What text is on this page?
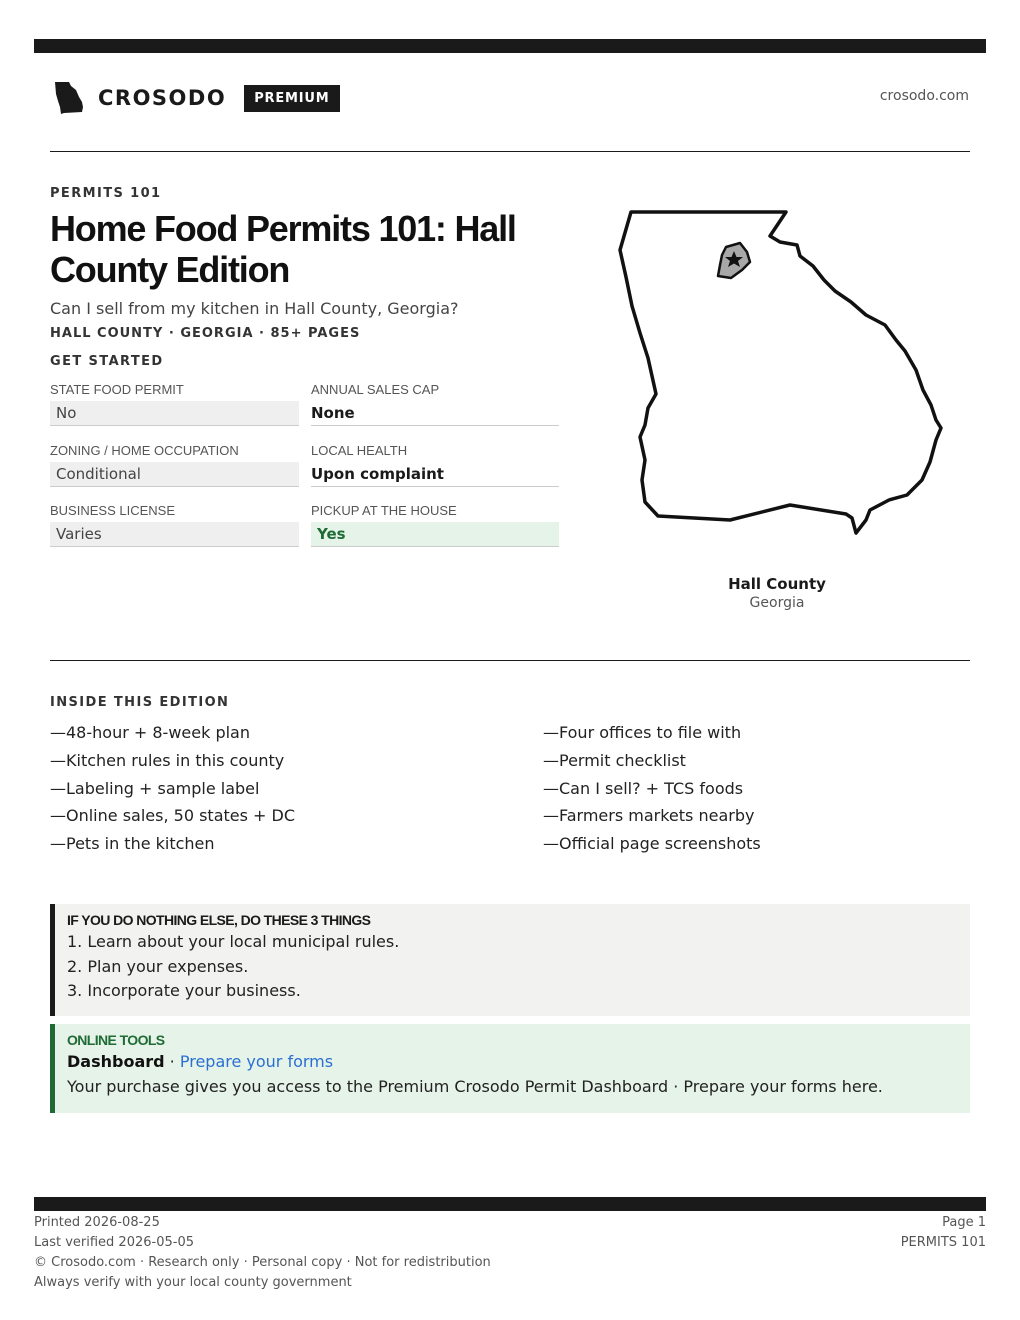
CROSODO	PREMIUM	crosodo.com
PERMITS 101
Home Food Permits 101: Hall County Edition
Can I sell from my kitchen in Hall County, Georgia?
HALL COUNTY · GEORGIA · 85+ PAGES
GET STARTED
STATE FOOD PERMIT
No
ANNUAL SALES CAP
None
ZONING / HOME OCCUPATION
Conditional
LOCAL HEALTH
Upon complaint
BUSINESS LICENSE
Varies
PICKUP AT THE HOUSE
Yes
Hall County
Georgia
INSIDE THIS EDITION
—48-hour + 8-week plan
—Kitchen rules in this county
—Labeling + sample label
—Online sales, 50 states + DC
—Pets in the kitchen
—Four offices to file with
—Permit checklist
—Can I sell? + TCS foods
—Farmers markets nearby
—Official page screenshots
IF YOU DO NOTHING ELSE, DO THESE 3 THINGS
1. Learn about your local municipal rules.
2. Plan your expenses.
3. Incorporate your business.
ONLINE TOOLS
Dashboard · Prepare your forms
Your purchase gives you access to the Premium Crosodo Permit Dashboard · Prepare your forms here.
Printed 2026-08-25
Last verified 2026-05-05
© Crosodo.com · Research only · Personal copy · Not for redistribution
Always verify with your local county government
Page 1
PERMITS 101
